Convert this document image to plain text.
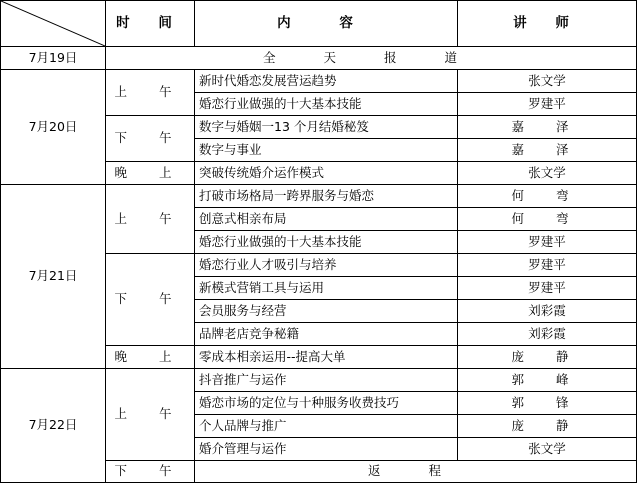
	时 间	内 容	讲 师
7月19日	全 天 报 道		
7月20日	上 午	新时代婚恋发展营运趋势	张文学
		婚恋行业做强的十大基本技能	罗建平
	下 午	数字与婚姻一13 个月结婚秘笈	嘉 泽
		数字与事业	嘉 泽
	晚 上	突破传统婚介运作模式	张文学
7月21日	上 午	打破市场格局一跨界服务与婚恋	何 弯
		创意式相亲布局	何 弯
		婚恋行业做强的十大基本技能	罗建平
	下 午	婚恋行业人才吸引与培养	罗建平
		新模式营销工具与运用	罗建平
		会员服务与经营	刘彩霞
		品牌老店竞争秘籍	刘彩霞
	晚 上	零成本相亲运用--提高大单	庞 静
7月22日	上 午	抖音推广与运作	郭 峰
		婚恋市场的定位与十种服务收费技巧	郭 锋
		个人品牌与推广	庞 静
		婚介管理与运作	张文学
	下 午	返 程	
